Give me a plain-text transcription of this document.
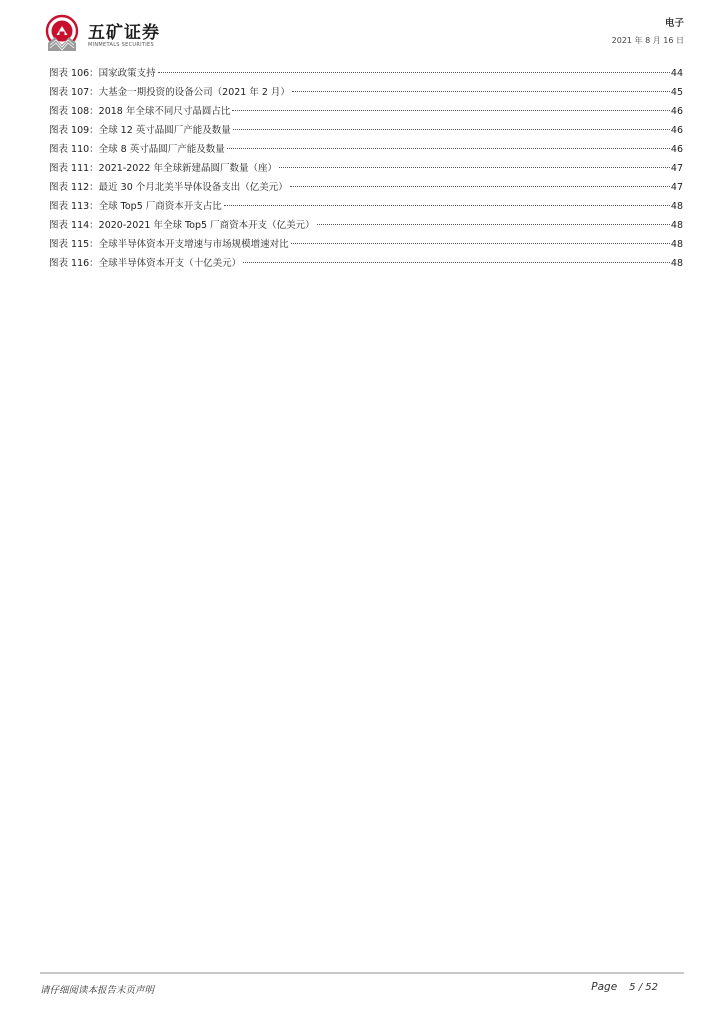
五矿证券
MINMETALS SECURITIES
电子
2021 年 8 月 16 日
图表 106：国家政策支持	44
图表 107：大基金一期投资的设备公司（2021 年 2 月）	45
图表 108：2018 年全球不同尺寸晶圆占比	46
图表 109：全球 12 英寸晶圆厂产能及数量	46
图表 110：全球 8 英寸晶圆厂产能及数量	46
图表 111：2021-2022 年全球新建晶圆厂数量（座）	47
图表 112：最近 30 个月北美半导体设备支出（亿美元）	47
图表 113：全球 Top5 厂商资本开支占比	48
图表 114：2020-2021 年全球 Top5 厂商资本开支（亿美元）	48
图表 115：全球半导体资本开支增速与市场规模增速对比	48
图表 116：全球半导体资本开支（十亿美元）	48
请仔细阅读本报告末页声明	Page 5 / 52
